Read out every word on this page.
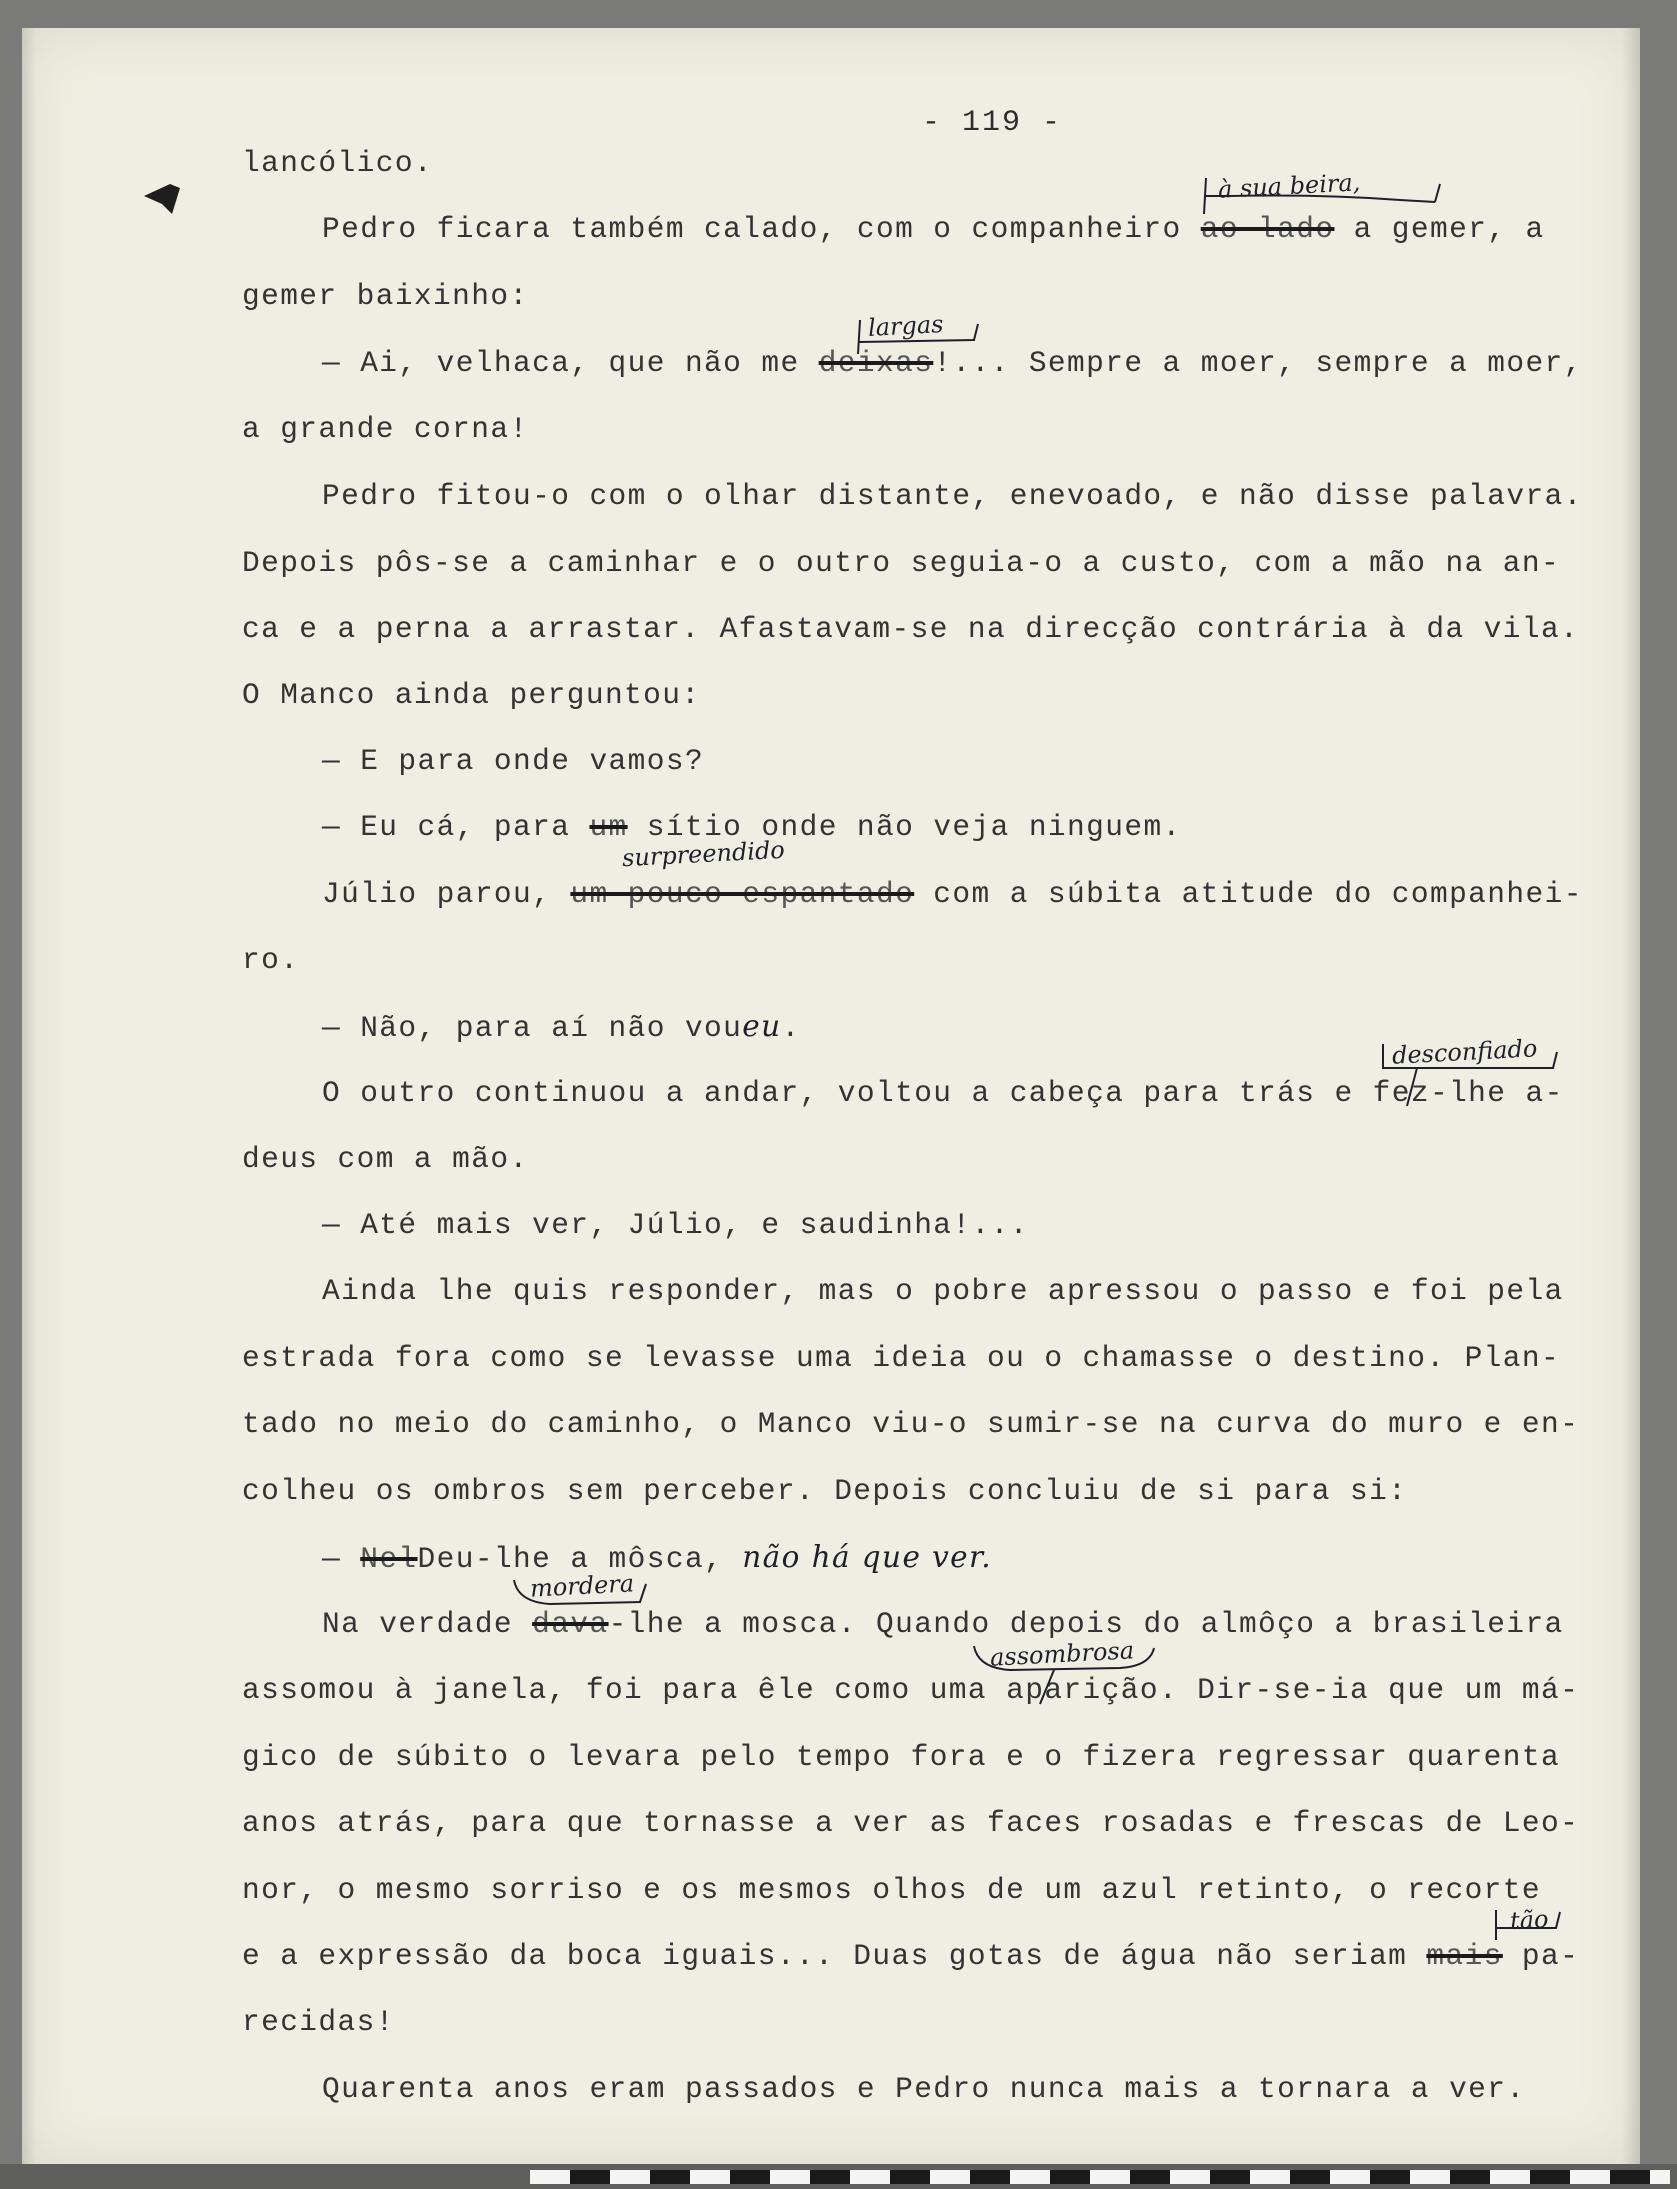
- 119 -
lancólico.
Pedro ficara também calado, com o companheiro ao lado a gemer, a
à sua beira,
gemer baixinho:
— Ai, velhaca, que não me deixas!... Sempre a moer, sempre a moer,
largas
a grande corna!
Pedro fitou-o com o olhar distante, enevoado, e não disse palavra.
Depois pôs-se a caminhar e o outro seguia-o a custo, com a mão na an-
ca e a perna a arrastar. Afastavam-se na direcção contrária à da vila.
O Manco ainda perguntou:
— E para onde vamos?
— Eu cá, para um sítio onde não veja ninguem.
Júlio parou, um pouco espantado com a súbita atitude do companhei-
surpreendido
ro.
— Não, para aí não voueu.
O outro continuou a andar, voltou a cabeça para trás e fez-lhe a-
desconfiado
deus com a mão.
— Até mais ver, Júlio, e saudinha!...
Ainda lhe quis responder, mas o pobre apressou o passo e foi pela
estrada fora como se levasse uma ideia ou o chamasse o destino. Plan-
tado no meio do caminho, o Manco viu-o sumir-se na curva do muro e en-
colheu os ombros sem perceber. Depois concluiu de si para si:
— NelDeu-lhe a môsca, não há que ver.
Na verdade dava-lhe a mosca. Quando depois do almôço a brasileira
mordera
assomou à janela, foi para êle como uma aparição. Dir-se-ia que um má-
assombrosa
gico de súbito o levara pelo tempo fora e o fizera regressar quarenta
anos atrás, para que tornasse a ver as faces rosadas e frescas de Leo-
nor, o mesmo sorriso e os mesmos olhos de um azul retinto, o recorte
e a expressão da boca iguais... Duas gotas de água não seriam mais pa-
tão
recidas!
Quarenta anos eram passados e Pedro nunca mais a tornara a ver.
